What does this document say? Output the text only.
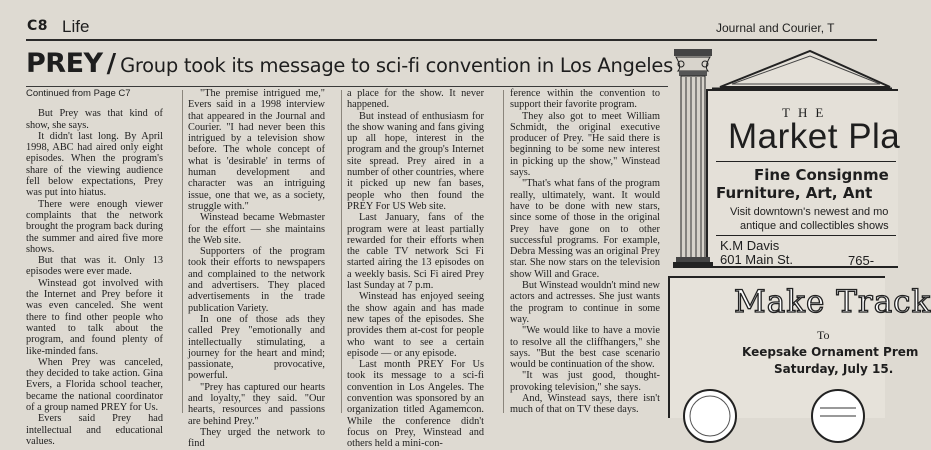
C8 Life	Journal and Courier, T
PREY / Group took its message to sci-fi convention in Los Angeles

Continued from Page C7

But Prey was that kind of show, she says.

It didn't last long. By April 1998, ABC had aired only eight episodes. When the program's share of the viewing audience fell below expectations, Prey was put into hiatus.

There were enough viewer complaints that the network brought the program back during the summer and aired five more shows.

But that was it. Only 13 episodes were ever made.

Winstead got involved with the Internet and Prey before it was even canceled. She went there to find other people who wanted to talk about the program, and found plenty of like-minded fans.

When Prey was canceled, they decided to take action. Gina Evers, a Florida school teacher, became the national coordinator of a group named PREY for Us.

Evers said Prey had intellectual and educational values.

"The premise intrigued me," Evers said in a 1998 interview that appeared in the Journal and Courier. "I had never been this intrigued by a television show before. The whole concept of what is 'desirable' in terms of human development and character was an intriguing issue, one that we, as a society, struggle with."

Winstead became Webmaster for the effort — she maintains the Web site.

Supporters of the program took their efforts to newspapers and complained to the network and advertisers. They placed advertisements in the trade publication Variety.

In one of those ads they called Prey "emotionally and intellectually stimulating, a journey for the heart and mind; passionate, provocative, powerful.

"Prey has captured our hearts and loyalty," they said. "Our hearts, resources and passions are behind Prey."

They urged the network to find

a place for the show. It never happened.

But instead of enthusiasm for the show waning and fans giving up all hope, interest in the program and the group's Internet site spread. Prey aired in a number of other countries, where it picked up new fan bases, people who then found the PREY For US Web site.

Last January, fans of the program were at least partially rewarded for their efforts when the cable TV network Sci Fi started airing the 13 episodes on a weekly basis. Sci Fi aired Prey last Sunday at 7 p.m.

Winstead has enjoyed seeing the show again and has made new tapes of the episodes. She provides them at-cost for people who want to see a certain episode — or any episode.

Last month PREY For Us took its message to a sci-fi convention in Los Angeles. The convention was sponsored by an organization titled Agamemcon. While the conference didn't focus on Prey, Winstead and others held a mini-con-

ference within the convention to support their favorite program.

They also got to meet William Schmidt, the original executive producer of Prey. "He said there is beginning to be some new interest in picking up the show," Winstead says.

"That's what fans of the program really, ultimately, want. It would have to be done with new stars, since some of those in the original Prey have gone on to other successful programs. For example, Debra Messing was an original Prey star. She now stars on the television show Will and Grace.

But Winstead wouldn't mind new actors and actresses. She just wants the program to continue in some way.

"We would like to have a movie to resolve all the cliffhangers," she says. "But the best case scenario would be continuation of the show.

"It was just good, thought-provoking television," she says.

And, Winstead says, there isn't much of that on TV these days.

THE
Market Pla
Fine Consignme
Furniture, Art, Ant
Visit downtown's newest and mo
antique and collectibles shows
K.M Davis
601 Main St.	765-
Make Track
To
Keepsake Ornament Prem
Saturday, July 15.
